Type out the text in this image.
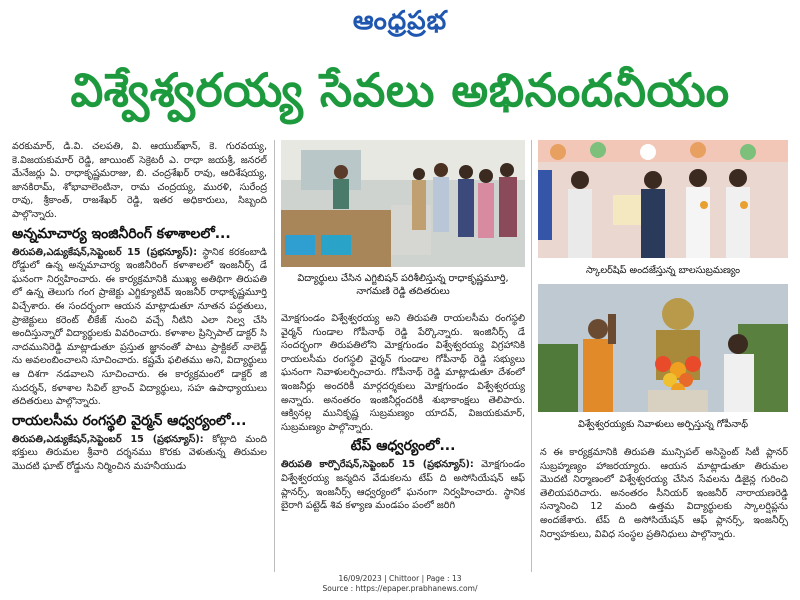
ఆంధ్రప్రభ
విశ్వేశ్వరయ్య సేవలు అభినందనీయం

వరకుమార్, డి.వి. చలపతి, వి. ఆయుబ్‌ఖాన్, కె. గురవయ్య, కె.విజయకుమార్ రెడ్డి, జాయింట్ సెక్రెటరీ ఎ. రాధా జయశ్రీ, జనరల్ మేనేజర్లు ఏ. రాధాకృష్ణమరాజు, బి. చంద్రశేఖర్ రావు, ఆదిశేషయ్య, జానకిరామ్, శోభావాలెంటినా, రామ చంద్రయ్య, మురళి, సురేంద్ర రావు, శ్రీకాంత్, రాజశేఖర్ రెడ్డి, ఇతర అధికారులు, సిబ్బంది పాల్గొన్నారు.

అన్నమాచార్య ఇంజినీరింగ్ కళాశాలలో...

తిరుపతి,ఎడ్యుకేషన్,సెప్టెంబర్ 15 (ప్రభన్యూస్): స్థానిక కరకంబాడి రోడ్డులో ఉన్న అన్నమాచార్య ఇంజినీరింగ్ కళాశాలలో ఇంజనీర్స్ డే ఘనంగా నిర్వహించారు. ఈ కార్యక్రమానికి ముఖ్య అతిథిగా తిరుపతి లో ఉన్న తెలుగు గంగ ప్రాజెక్టు ఎగ్జిక్యూటివ్ ఇంజనీర్ రాధాకృష్ణమూర్తి విచ్చేశారు. ఈ సందర్భంగా ఆయన మాట్లాడుతూ నూతన పద్ధతులు, ప్రాజెక్టులు కరెంట్ లీకేజ్ నుంచి వచ్చే నీటిని ఎలా నిల్వ చేసి అందిస్తున్నారో విద్యార్థులకు వివరించారు. కళాశాల ప్రిన్సిపాల్ డాక్టర్ సి నాదమునిరెడ్డి మాట్లాడుతూ ప్రస్తుత జ్ఞానంతో పాటు ప్రాక్టికల్ నాలెడ్జ్ ను అవలంబించాలని సూచించారు. కష్టమే ఫలితము అని, విద్యార్థులు ఆ దిశగా నడవాలని సూచించారు. ఈ కార్యక్రమంలో డాక్టర్ జి సుదర్శన్, కళాశాల సివిల్ బ్రాంచ్ విద్యార్థులు, సహ ఉపాధ్యాయులు తదితరులు పాల్గొన్నారు.

రాయలసీమ రంగస్థలి వైర్మన్ ఆధ్వర్యంలో...

తిరుపతి,ఎడ్యుకేషన్,సెప్టెంబర్ 15 (ప్రభన్యూస్): కోట్లాది మంది భక్తులు తిరుమల శ్రీవారి దర్శనము కొరకు వెళుతున్న తిరుమల మొదటి ఘాట్ రోడ్డును నిర్మించిన మహనీయుడు

విద్యార్థులు చేసిన ఎగ్జిబిషన్ పరిశీలిస్తున్న రాధాకృష్ణమూర్తి, నాగమణి రెడ్డి తదితరులు

మోక్షగుండం విశ్వేశ్వరయ్య అని తిరుపతి రాయలసీమ రంగస్థలి వైర్మన్ గుండాల గోపీనాథ్ రెడ్డి పేర్కొన్నారు. ఇంజినీర్స్ డే సందర్భంగా తిరుపతిలోని మోక్షగుండం విశ్వేశ్వరయ్య విగ్రహానికి రాయలసీమ రంగస్థలి వైర్మన్ గుండాల గోపీనాథ్ రెడ్డి సభ్యులు ఘనంగా నివాళులర్పించారు. గోపీనాథ్ రెడ్డి మాట్లాడుతూ దేశంలో ఇంజనీర్లు అందరికీ మార్గదర్శకులు మోక్షగుండం విశ్వేశ్వరయ్య అన్నారు. అనంతరం ఇంజినీర్లందరికీ శుభాకాంక్షలు తెలిపారు. ఆక్వినల్ల మునికృష్ణ సుబ్రమణ్యం యాదవ్, విజయకుమార్, సుబ్రమణ్యం పాల్గొన్నారు.

టేప్ ఆధ్వర్యంలో...

తిరుపతి కార్పొరేషన్,సెప్టెంబర్ 15 (ప్రభన్యూస్): మోక్షగుండం విశ్వేశ్వరయ్య జన్మదిన వేడుకలను టేప్ ది అసోసియేషన్ ఆఫ్ ప్లానర్స్, ఇంజనీర్స్ ఆధ్వర్యంలో ఘనంగా నిర్వహించారు. స్థానిక బైరాగి పట్టెడ్ శివ కళ్యాణ మండపం పంలో జరిగి

స్కాలర్‌షిప్ అందజేస్తున్న బాలసుబ్రమణ్యం
విశ్వేశ్వరయ్యకు నివాళులు అర్పిస్తున్న గోపీనాథ్

న ఈ కార్యక్రమానికి తిరుపతి మున్సిపల్ అసిస్టెంట్ సిటీ ప్లానర్ సుబ్రహ్మణ్యం హాజరయ్యారు. ఆయన మాట్లాడుతూ తిరుమల మొదటి నిర్మాణంలో విశ్వేశ్వరయ్య చేసిన సేవలను డిజైన్ల గురించి తెలియపరిచారు. అనంతరం సీనియర్ ఇంజనీర్ నారాయణరెడ్డి సన్మానించి 12 మంది ఉత్తమ విద్యార్థులకు స్కాలర్షిప్లను అందజేశారు. టేప్ ది అసోసియేషన్ ఆఫ్ ప్లానర్స్, ఇంజనీర్స్ నిర్వాహకులు, వివిధ సంస్థల ప్రతినిధులు పాల్గొన్నారు.

16/09/2023 | Chittoor | Page : 13
Source : https://epaper.prabhanews.com/
